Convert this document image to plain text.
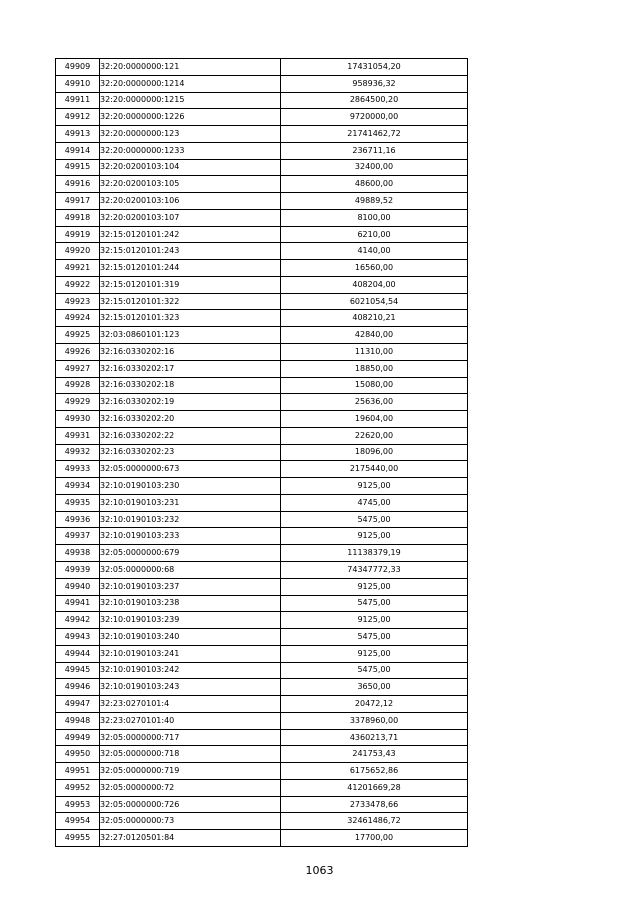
49909	32:20:0000000:121	17431054,20
49910	32:20:0000000:1214	958936,32
49911	32:20:0000000:1215	2864500,20
49912	32:20:0000000:1226	9720000,00
49913	32:20:0000000:123	21741462,72
49914	32:20:0000000:1233	236711,16
49915	32:20:0200103:104	32400,00
49916	32:20:0200103:105	48600,00
49917	32:20:0200103:106	49889,52
49918	32:20:0200103:107	8100,00
49919	32:15:0120101:242	6210,00
49920	32:15:0120101:243	4140,00
49921	32:15:0120101:244	16560,00
49922	32:15:0120101:319	408204,00
49923	32:15:0120101:322	6021054,54
49924	32:15:0120101:323	408210,21
49925	32:03:0860101:123	42840,00
49926	32:16:0330202:16	11310,00
49927	32:16:0330202:17	18850,00
49928	32:16:0330202:18	15080,00
49929	32:16:0330202:19	25636,00
49930	32:16:0330202:20	19604,00
49931	32:16:0330202:22	22620,00
49932	32:16:0330202:23	18096,00
49933	32:05:0000000:673	2175440,00
49934	32:10:0190103:230	9125,00
49935	32:10:0190103:231	4745,00
49936	32:10:0190103:232	5475,00
49937	32:10:0190103:233	9125,00
49938	32:05:0000000:679	11138379,19
49939	32:05:0000000:68	74347772,33
49940	32:10:0190103:237	9125,00
49941	32:10:0190103:238	5475,00
49942	32:10:0190103:239	9125,00
49943	32:10:0190103:240	5475,00
49944	32:10:0190103:241	9125,00
49945	32:10:0190103:242	5475,00
49946	32:10:0190103:243	3650,00
49947	32:23:0270101:4	20472,12
49948	32:23:0270101:40	3378960,00
49949	32:05:0000000:717	4360213,71
49950	32:05:0000000:718	241753,43
49951	32:05:0000000:719	6175652,86
49952	32:05:0000000:72	41201669,28
49953	32:05:0000000:726	2733478,66
49954	32:05:0000000:73	32461486,72
49955	32:27:0120501:84	17700,00
1063
